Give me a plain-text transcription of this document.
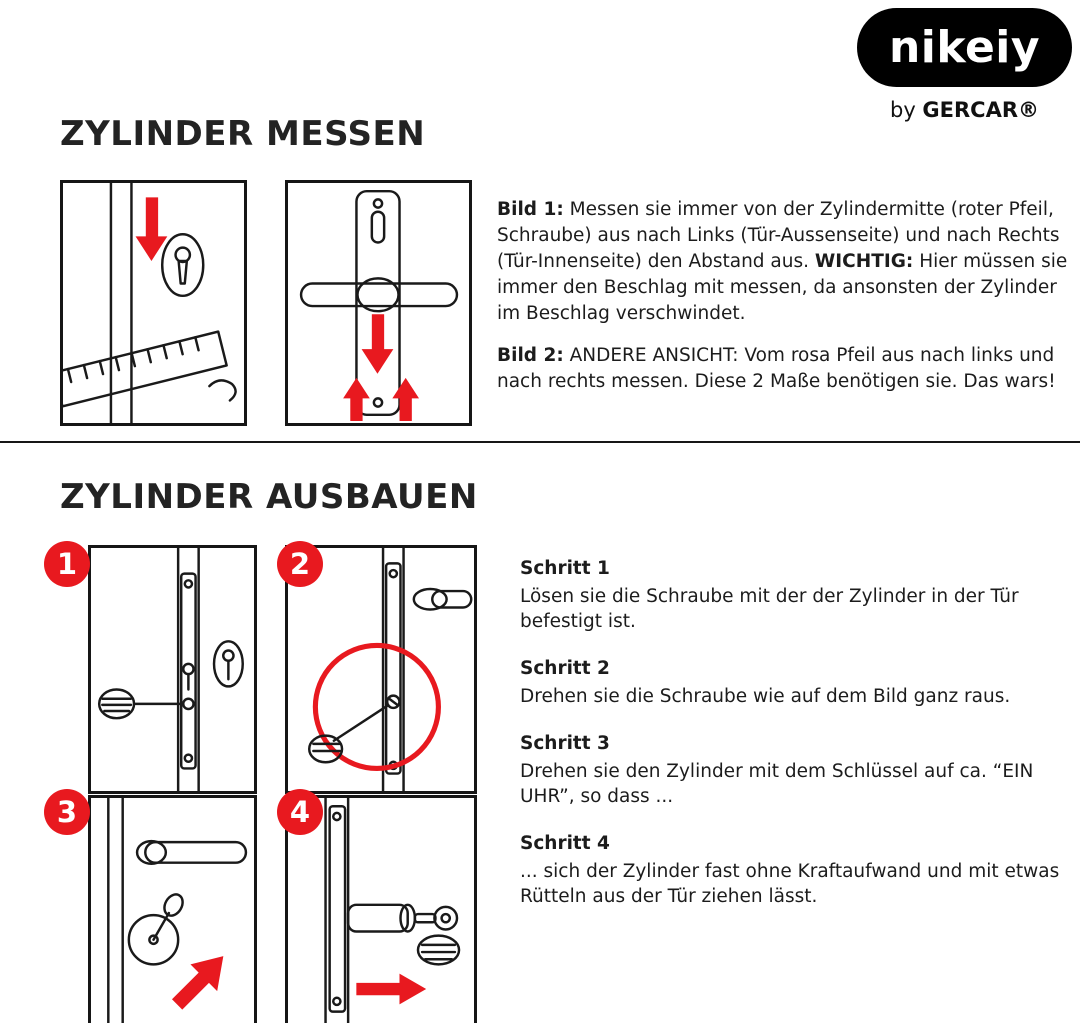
nikeiy
by GERCAR®
ZYLINDER MESSEN

Bild 1: Messen sie immer von der Zylindermitte (roter Pfeil, Schraube) aus nach Links (Tür-Aussenseite) und nach Rechts (Tür-Innenseite) den Abstand aus. WICHTIG: Hier müssen sie immer den Beschlag mit messen, da ansonsten der Zylinder im Beschlag verschwindet.

Bild 2: ANDERE ANSICHT: Vom rosa Pfeil aus nach links und nach rechts messen. Diese 2 Maße benötigen sie. Das wars!

ZYLINDER AUSBAUEN
1	2
3	4
Schritt 1
Lösen sie die Schraube mit der der Zylinder in der Tür befestigt ist.
Schritt 2
Drehen sie die Schraube wie auf dem Bild ganz raus.
Schritt 3
Drehen sie den Zylinder mit dem Schlüssel auf ca. “EIN UHR”, so dass ...
Schritt 4
... sich der Zylinder fast ohne Kraftaufwand und mit etwas Rütteln aus der Tür ziehen lässt.
